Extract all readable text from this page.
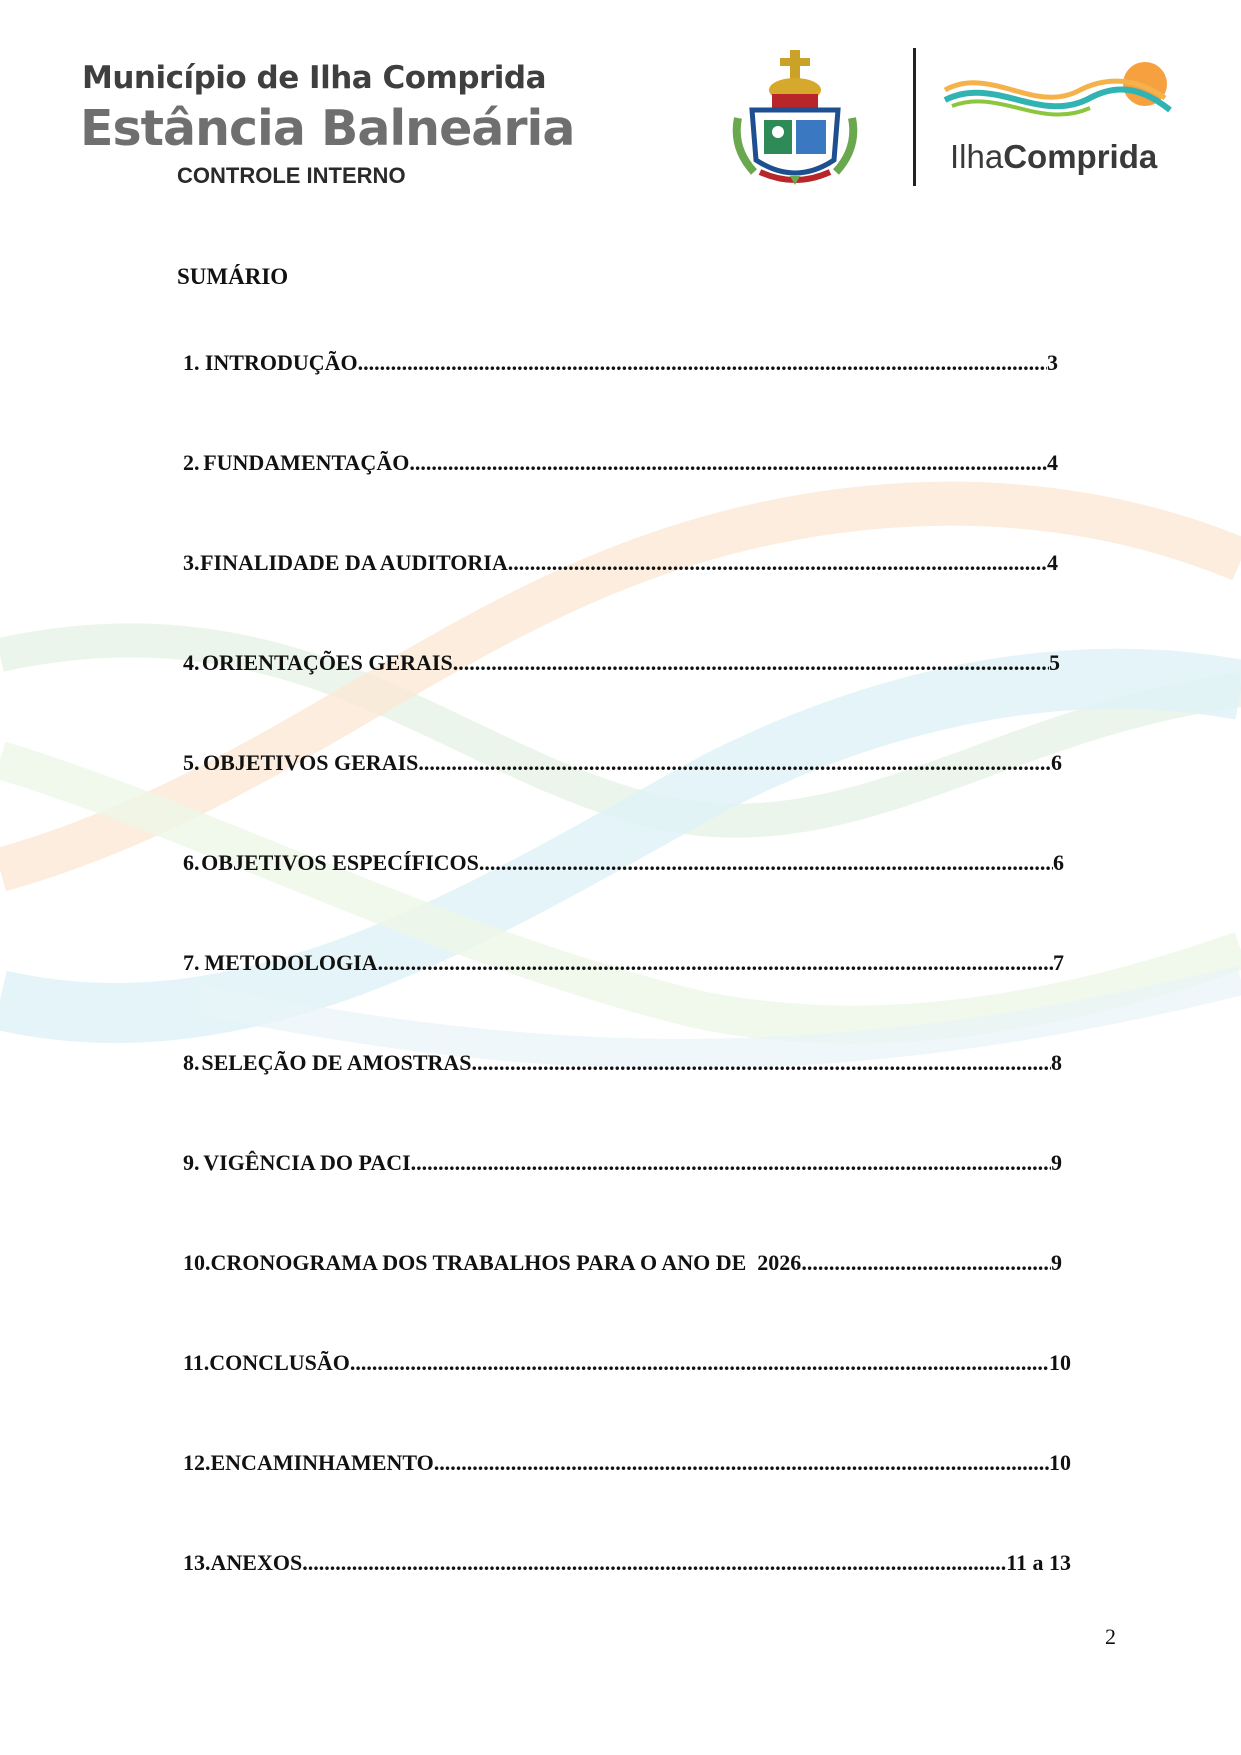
Município de Ilha Comprida
Estância Balneária
CONTROLE INTERNO
IlhaComprida
SUMÁRIO
1. INTRODUÇÃO .....	3
2. FUNDAMENTAÇÃO .....	4
3. FINALIDADE DA AUDITORIA .....	4
4. ORIENTAÇÕES GERAIS .....	5
5. OBJETIVOS GERAIS .....	6
6. OBJETIVOS ESPECÍFICOS .....	6
7. METODOLOGIA .....	7
8. SELEÇÃO DE AMOSTRAS .....	8
9. VIGÊNCIA DO PACI .....	9
10. CRONOGRAMA DOS TRABALHOS PARA O ANO DE  2026 .....	9
11. CONCLUSÃO .....	10
12. ENCAMINHAMENTO .....	10
13. ANEXOS .....	11 a 13
2
